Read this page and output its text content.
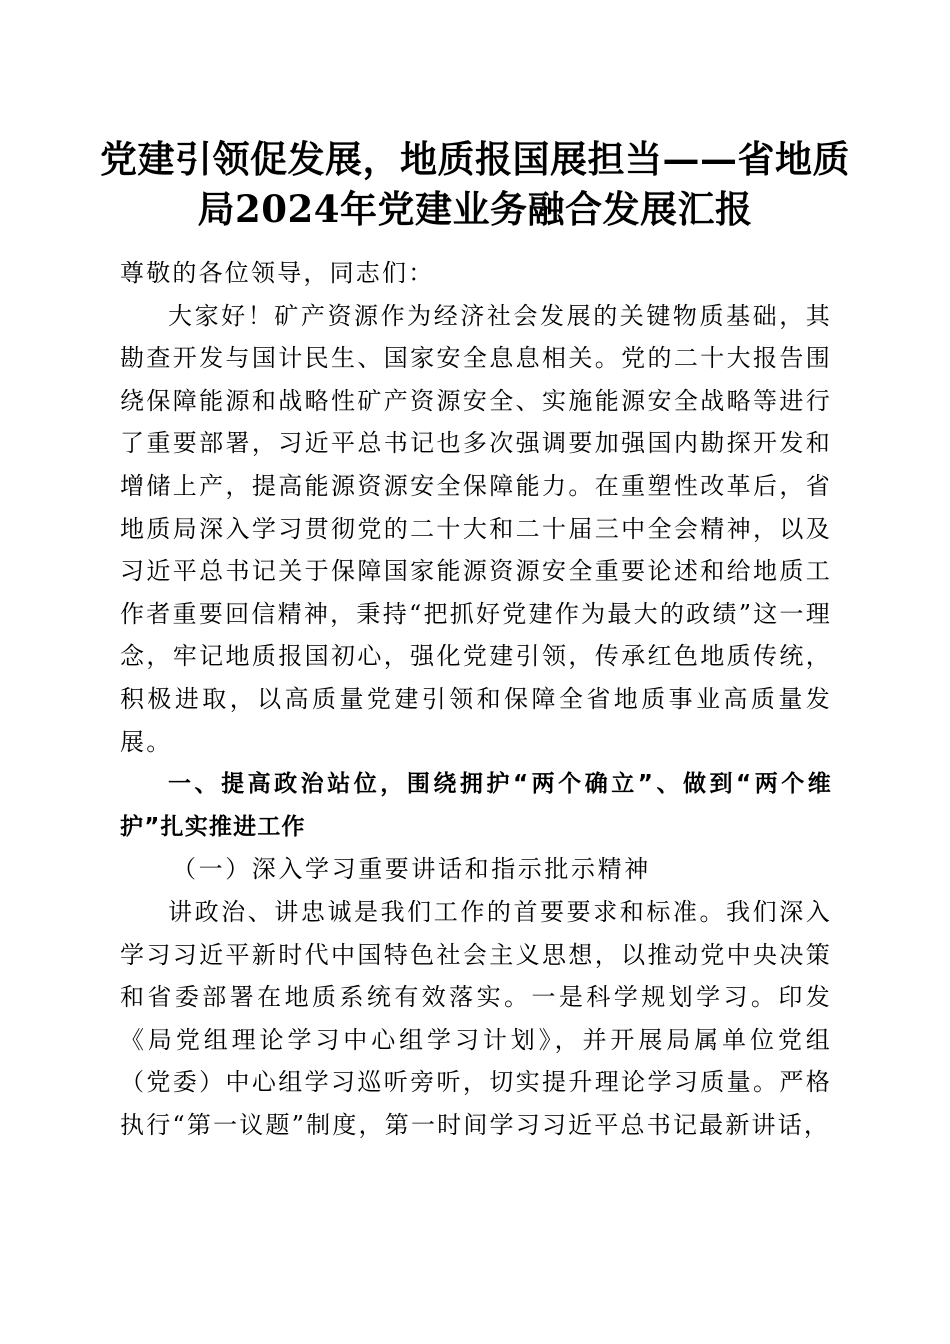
党建引领促发展，地质报国展担当——省地质局2024年党建业务融合发展汇报

尊敬的各位领导，同志们：

大家好！矿产资源作为经济社会发展的关键物质基础，其勘查开发与国计民生、国家安全息息相关。党的二十大报告围绕保障能源和战略性矿产资源安全、实施能源安全战略等进行了重要部署，习近平总书记也多次强调要加强国内勘探开发和增储上产，提高能源资源安全保障能力。在重塑性改革后，省地质局深入学习贯彻党的二十大和二十届三中全会精神，以及习近平总书记关于保障国家能源资源安全重要论述和给地质工作者重要回信精神，秉持“把抓好党建作为最大的政绩”这一理念，牢记地质报国初心，强化党建引领，传承红色地质传统，积极进取，以高质量党建引领和保障全省地质事业高质量发展。

一、提高政治站位，围绕拥护“两个确立”、做到“两个维护”扎实推进工作

（一）深入学习重要讲话和指示批示精神

讲政治、讲忠诚是我们工作的首要要求和标准。我们深入学习习近平新时代中国特色社会主义思想，以推动党中央决策和省委部署在地质系统有效落实。一是科学规划学习。印发《局党组理论学习中心组学习计划》，并开展局属单位党组（党委）中心组学习巡听旁听，切实提升理论学习质量。严格执行“第一议题”制度，第一时间学习习近平总书记最新讲话，
